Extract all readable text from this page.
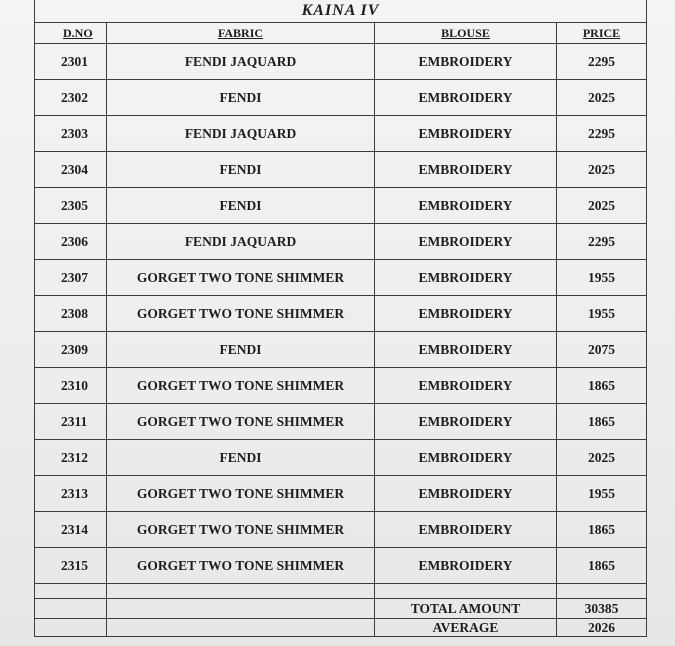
KAINA IV			
D.NO	FABRIC	BLOUSE	PRICE
2301	FENDI JAQUARD	EMBROIDERY	2295
2302	FENDI	EMBROIDERY	2025
2303	FENDI JAQUARD	EMBROIDERY	2295
2304	FENDI	EMBROIDERY	2025
2305	FENDI	EMBROIDERY	2025
2306	FENDI JAQUARD	EMBROIDERY	2295
2307	GORGET TWO TONE SHIMMER	EMBROIDERY	1955
2308	GORGET TWO TONE SHIMMER	EMBROIDERY	1955
2309	FENDI	EMBROIDERY	2075
2310	GORGET TWO TONE SHIMMER	EMBROIDERY	1865
2311	GORGET TWO TONE SHIMMER	EMBROIDERY	1865
2312	FENDI	EMBROIDERY	2025
2313	GORGET TWO TONE SHIMMER	EMBROIDERY	1955
2314	GORGET TWO TONE SHIMMER	EMBROIDERY	1865
2315	GORGET TWO TONE SHIMMER	EMBROIDERY	1865

		TOTAL AMOUNT	30385
		AVERAGE	2026
